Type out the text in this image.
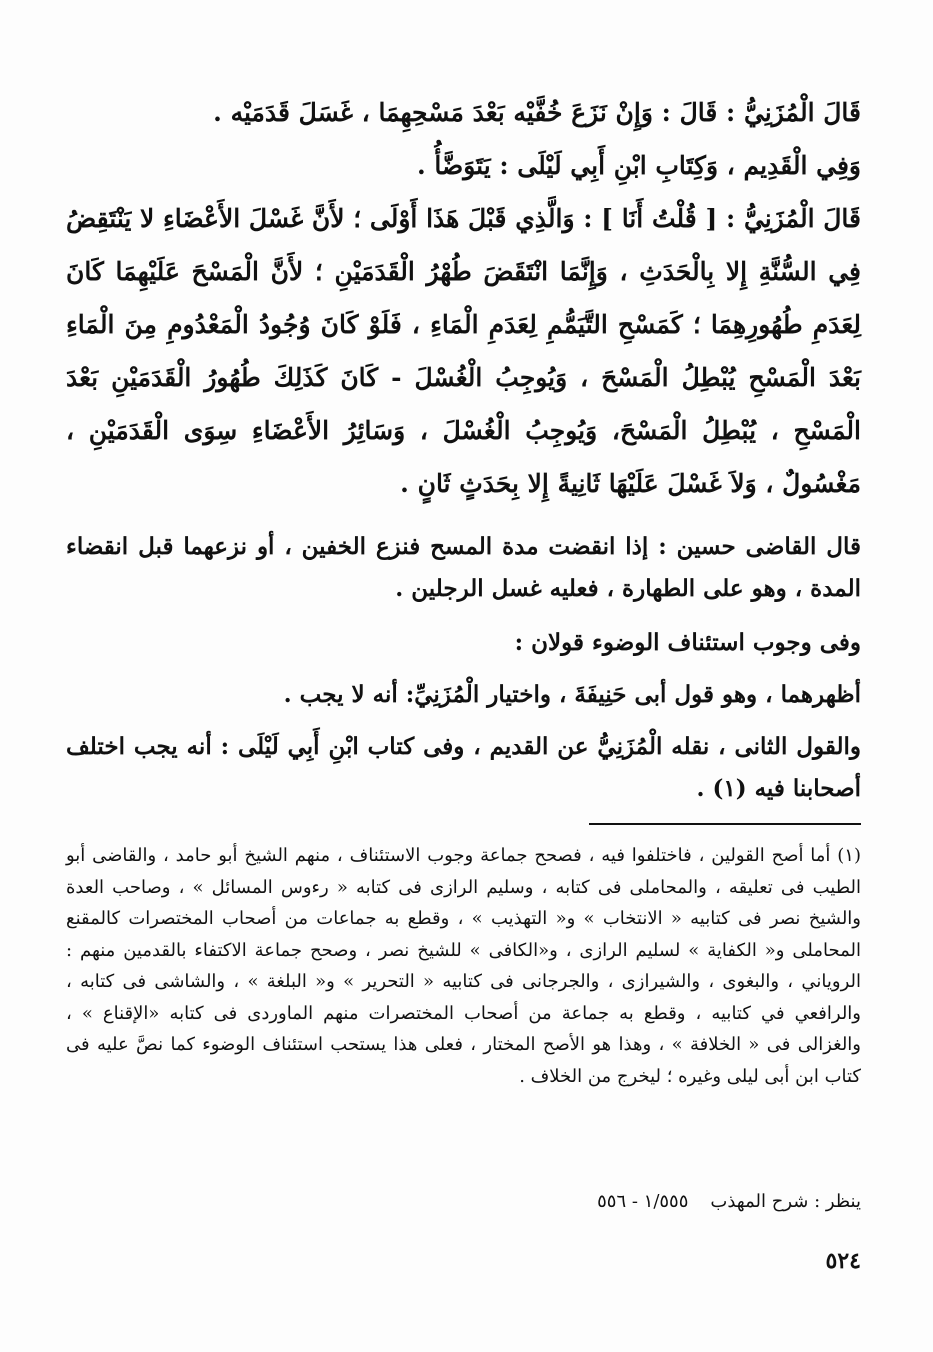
قَالَ الْمُزَنِيُّ : قَالَ : وَإِنْ نَزَعَ خُفَّيْه بَعْدَ مَسْحِهِمَا ، غَسَلَ قَدَمَيْه .

وَفِي الْقَدِيم ، وَكِتَابِ ابْنِ أَبِي لَيْلَى : يَتَوَضَّأُ .

قَالَ الْمُزَنِيُّ : [ قُلْتُ أَنَا ] : وَالَّذِي قَبْلَ هَذَا أَوْلَى ؛ لأَنَّ غَسْلَ الأَعْضَاءِ لا يَنْتَقِضُ فِي السُّنَّةِ إِلا بِالْحَدَثِ ، وَإِنَّمَا انْتَقَضَ طُهْرُ الْقَدَمَيْنِ ؛ لأَنَّ الْمَسْحَ عَلَيْهِمَا كَانَ لِعَدَمِ طُهُورِهِمَا ؛ كَمَسْحِ التَّيَمُّمِ لِعَدَمِ الْمَاءِ ، فَلَوْ كَانَ وُجُودُ الْمَعْدُومِ مِنَ الْمَاءِ بَعْدَ الْمَسْحِ يُبْطِلُ الْمَسْحَ ، وَيُوجِبُ الْغُسْلَ - كَانَ كَذَلِكَ طُهُورُ الْقَدَمَيْنِ بَعْدَ الْمَسْحِ ، يُبْطِلُ الْمَسْحَ، وَيُوجِبُ الْغُسْلَ ، وَسَائِرُ الأَعْضَاءِ سِوَى الْقَدَمَيْنِ ، مَغْسُولٌ ، وَلاَ غَسْلَ عَلَيْهَا ثَانِيةً إِلا بِحَدَثٍ ثَانٍ .

قال القاضى حسين : إذا انقضت مدة المسح فنزع الخفين ، أو نزعهما قبل انقضاء المدة ، وهو على الطهارة ، فعليه غسل الرجلين .

وفى وجوب استئناف الوضوء قولان :

أظهرهما ، وهو قول أبى حَنِيفَةَ ، واختيار الْمُزَنِيِّ: أنه لا يجب .

والقول الثانى ، نقله الْمُزَنِيُّ عن القديم ، وفى كتاب ابْنِ أَبِي لَيْلَى : أنه يجب اختلف أصحابنا فيه (١) .

(١) أما أصح القولين ، فاختلفوا فيه ، فصحح جماعة وجوب الاستئناف ، منهم الشيخ أبو حامد ، والقاضى أبو الطيب فى تعليقه ، والمحاملى فى كتابه ، وسليم الرازى فى كتابه « رءوس المسائل » ، وصاحب العدة والشيخ نصر فى كتابيه « الانتخاب » و« التهذيب » ، وقطع به جماعات من أصحاب المختصرات كالمقنع المحاملى و« الكفاية » لسليم الرازى ، و«الكافى » للشيخ نصر ، وصحح جماعة الاكتفاء بالقدمين منهم : الروياني ، والبغوى ، والشيرازى ، والجرجانى فى كتابيه « التحرير » و« البلغة » ، والشاشى فى كتابه ، والرافعي في كتابيه ، وقطع به جماعة من أصحاب المختصرات منهم الماوردى فى كتابه «الإقناع » ، والغزالى فى « الخلافة » ، وهذا هو الأصح المختار ، فعلى هذا يستحب استئناف الوضوء كما نصَّ عليه فى كتاب ابن أبى ليلى وغيره ؛ ليخرج من الخلاف .

ينظر : شرح المهذب١/٥٥٥ - ٥٥٦

٥٢٤
